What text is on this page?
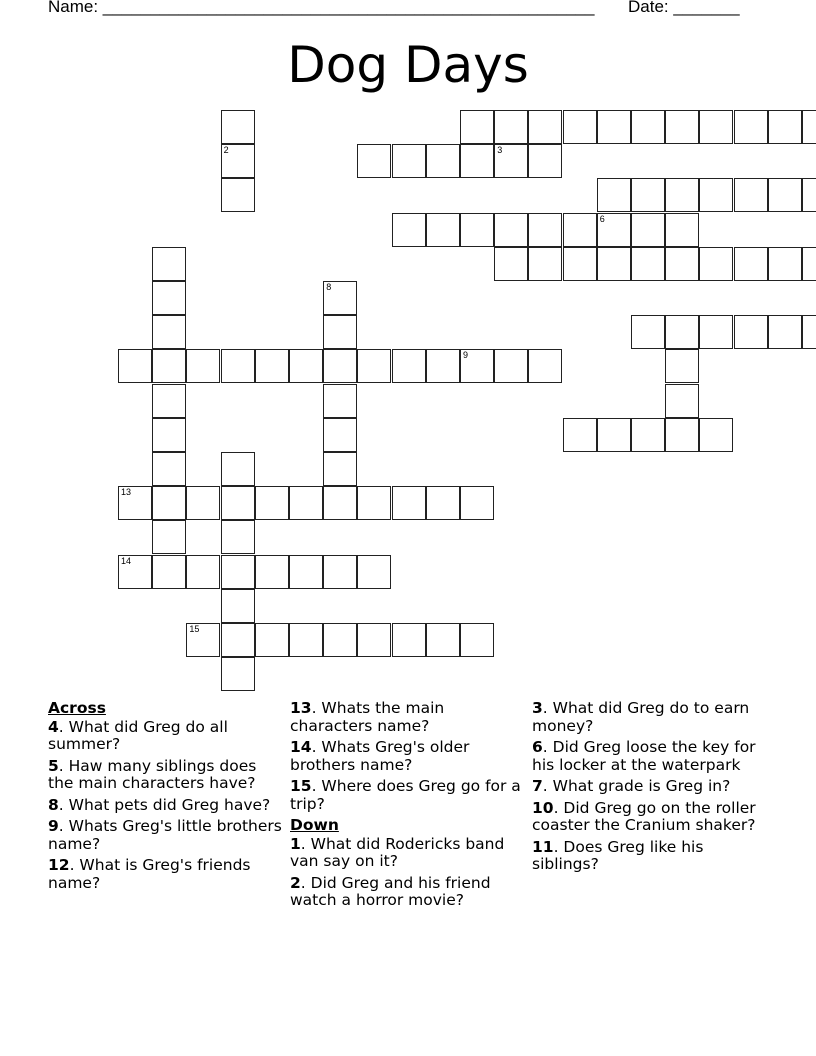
Name: ____________________________________________________ Date: _______
Dog Days
9
13
14
15
2
8
3
6
Across
4. What did Greg do all summer?
5. Haw many siblings does the main characters have?
8. What pets did Greg have?
9. Whats Greg's little brothers name?
12. What is Greg's friends name?
13. Whats the main characters name?
14. Whats Greg's older brothers name?
15. Where does Greg go for a trip?
Down
1. What did Rodericks band van say on it?
2. Did Greg and his friend watch a horror movie?
3. What did Greg do to earn money?
6. Did Greg loose the key for his locker at the waterpark
7. What grade is Greg in?
10. Did Greg go on the roller coaster the Cranium shaker?
11. Does Greg like his siblings?
